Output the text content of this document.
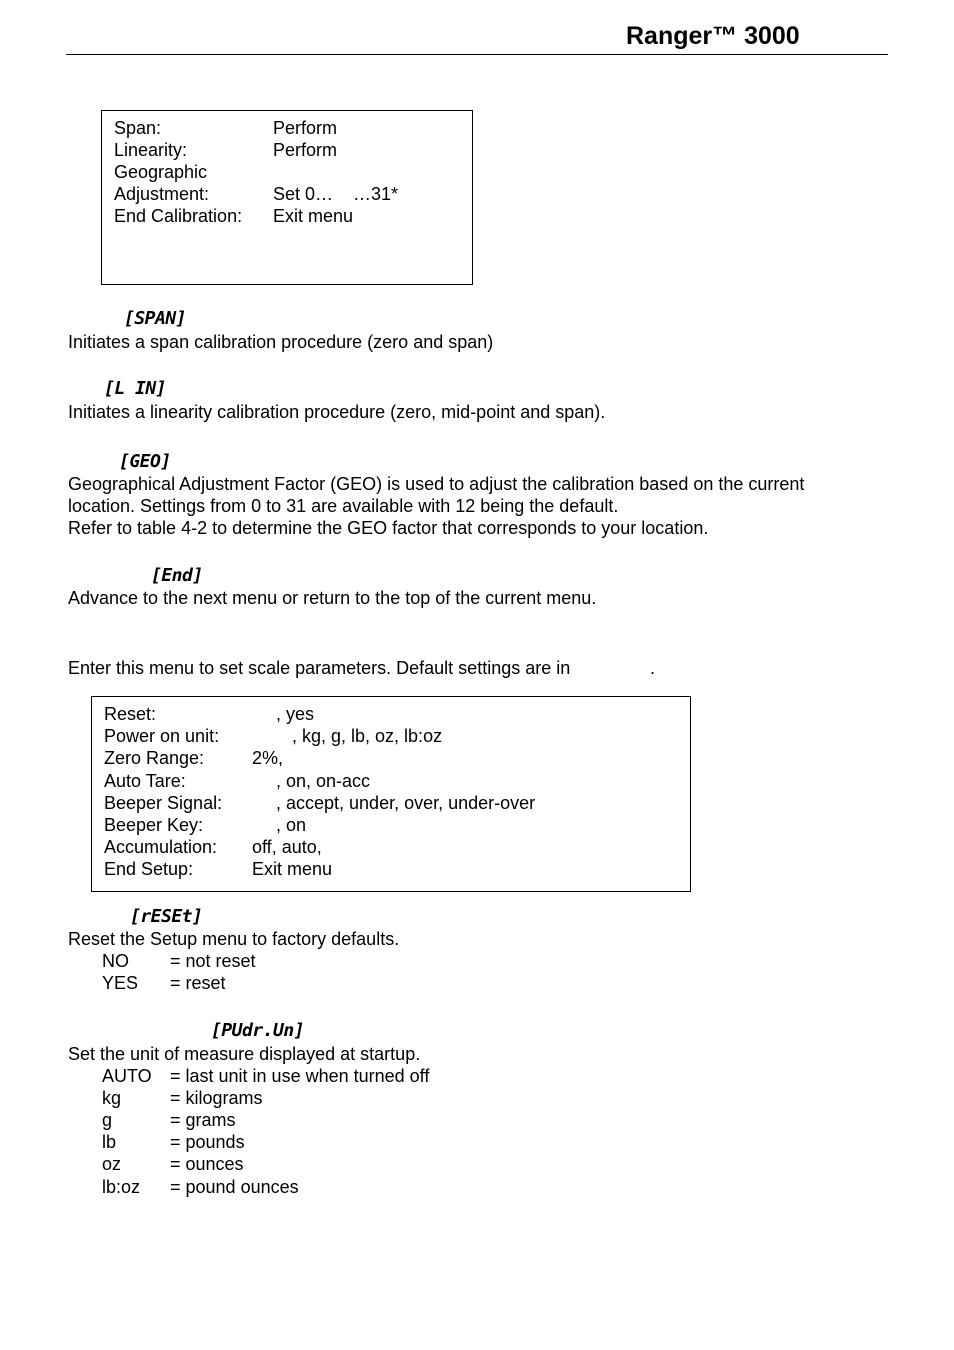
Ranger™ 3000
Span:	Perform
Linearity:	Perform
Geographic
Adjustment:	Set 0…    …31*
End Calibration: Exit menu
[SPAN]
Initiates a span calibration procedure (zero and span)
[L IN]
Initiates a linearity calibration procedure (zero, mid-point and span).
[GEO]
Geographical Adjustment Factor (GEO) is used to adjust the calibration based on the current
location. Settings from 0 to 31 are available with 12 being the default.
Refer to table 4-2 to determine the GEO factor that corresponds to your location.
[End]
Advance to the next menu or return to the top of the current menu.
Enter this menu to set scale parameters. Default settings are in	.
Reset:	, yes
Power on unit:	, kg, g, lb, oz, lb:oz
Zero Range:	2%,
Auto Tare:	, on, on-acc
Beeper Signal:	, accept, under, over, under-over
Beeper Key:	, on
Accumulation: off, auto,
End Setup:	Exit menu
[rESEt]
Reset the Setup menu to factory defaults.
NO = not reset
YES = reset
[PUdr.Un]
Set the unit of measure displayed at startup.
AUTO = last unit in use when turned off
kg	= kilograms
g	= grams
lb	= pounds
oz	= ounces
lb:oz = pound ounces
